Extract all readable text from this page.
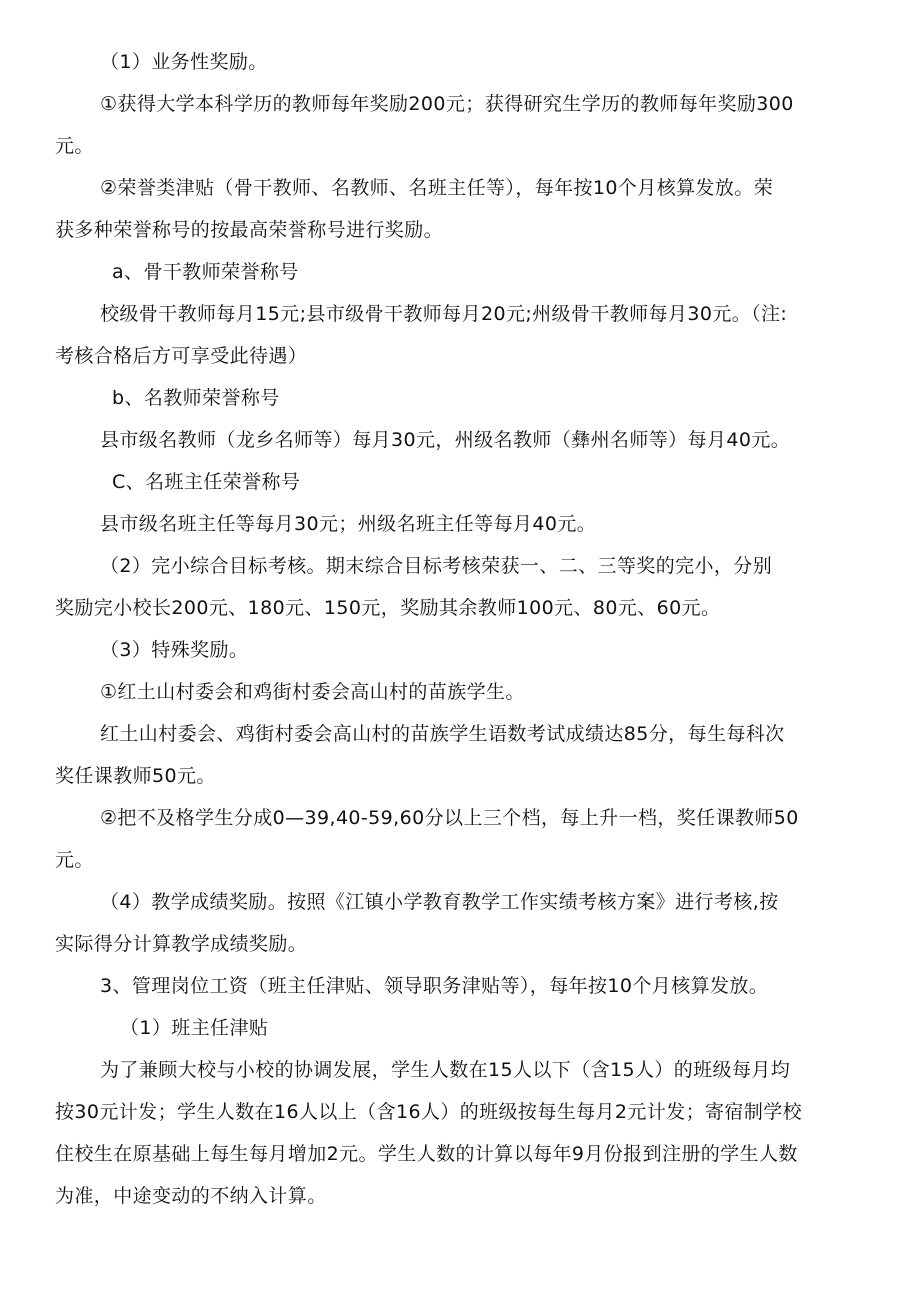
（1）业务性奖励。
①获得大学本科学历的教师每年奖励200元；获得研究生学历的教师每年奖励300
元。
②荣誉类津贴（骨干教师、名教师、名班主任等），每年按10个月核算发放。荣
获多种荣誉称号的按最高荣誉称号进行奖励。
a、骨干教师荣誉称号
校级骨干教师每月15元;县市级骨干教师每月20元;州级骨干教师每月30元。（注:
考核合格后方可享受此待遇）
b、名教师荣誉称号
县市级名教师（龙乡名师等）每月30元，州级名教师（彝州名师等）每月40元。
C、名班主任荣誉称号
县市级名班主任等每月30元；州级名班主任等每月40元。
（2）完小综合目标考核。期末综合目标考核荣获一、二、三等奖的完小，分别
奖励完小校长200元、180元、150元，奖励其余教师100元、80元、60元。
（3）特殊奖励。
①红土山村委会和鸡街村委会高山村的苗族学生。
红土山村委会、鸡街村委会高山村的苗族学生语数考试成绩达85分，每生每科次
奖任课教师50元。
②把不及格学生分成0—39,40-59,60分以上三个档，每上升一档，奖任课教师50
元。
（4）教学成绩奖励。按照《江镇小学教育教学工作实绩考核方案》进行考核,按
实际得分计算教学成绩奖励。
3、管理岗位工资（班主任津贴、领导职务津贴等），每年按10个月核算发放。
（1）班主任津贴
为了兼顾大校与小校的协调发展，学生人数在15人以下（含15人）的班级每月均
按30元计发；学生人数在16人以上（含16人）的班级按每生每月2元计发；寄宿制学校
住校生在原基础上每生每月增加2元。学生人数的计算以每年9月份报到注册的学生人数
为准，中途变动的不纳入计算。
